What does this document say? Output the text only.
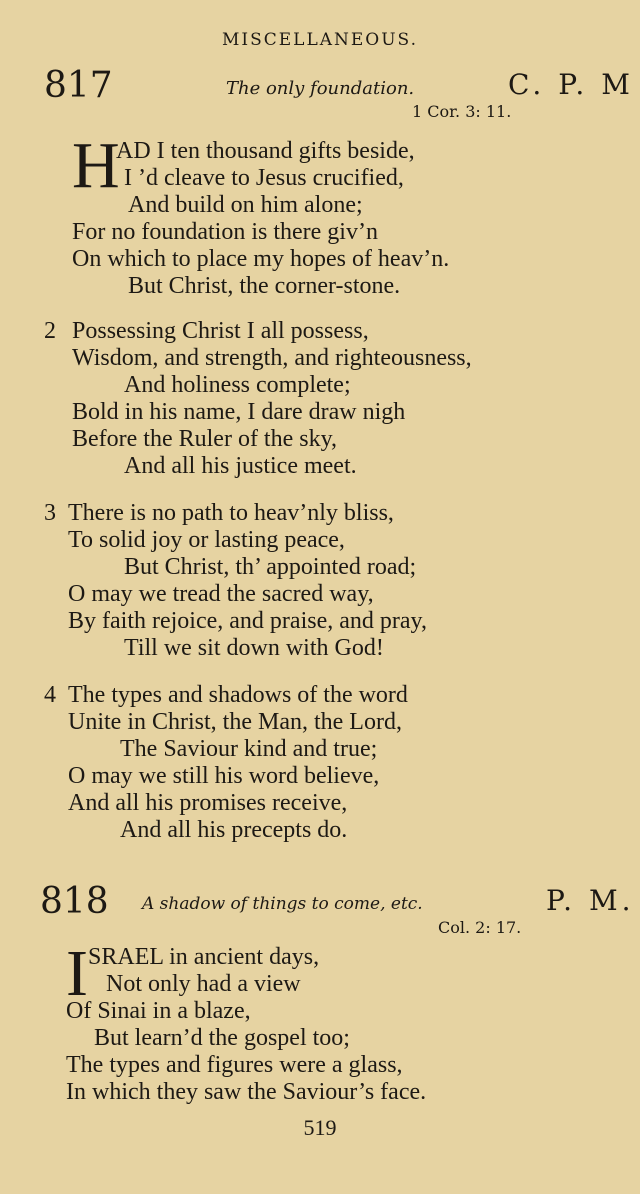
MISCELLANEOUS.
817	The only foundation.	C. P. M
1 Cor. 3: 11.
H
AD I ten thousand gifts beside,
I ’d cleave to Jesus crucified,
And build on him alone;
For no foundation is there giv’n
On which to place my hopes of heav’n.
But Christ, the corner-stone.
2 Possessing Christ I all possess,
Wisdom, and strength, and righteousness,
And holiness complete;
Bold in his name, I dare draw nigh
Before the Ruler of the sky,
And all his justice meet.
3 There is no path to heav’nly bliss,
To solid joy or lasting peace,
But Christ, th’ appointed road;
O may we tread the sacred way,
By faith rejoice, and praise, and pray,
Till we sit down with God!
4 The types and shadows of the word
Unite in Christ, the Man, the Lord,
The Saviour kind and true;
O may we still his word believe,
And all his promises receive,
And all his precepts do.
818 A shadow of things to come, etc.	P. M.
Col. 2: 17.
I SRAEL in ancient days,
Not only had a view
Of Sinai in a blaze,
But learn’d the gospel too;
The types and figures were a glass,
In which they saw the Saviour’s face.
519
